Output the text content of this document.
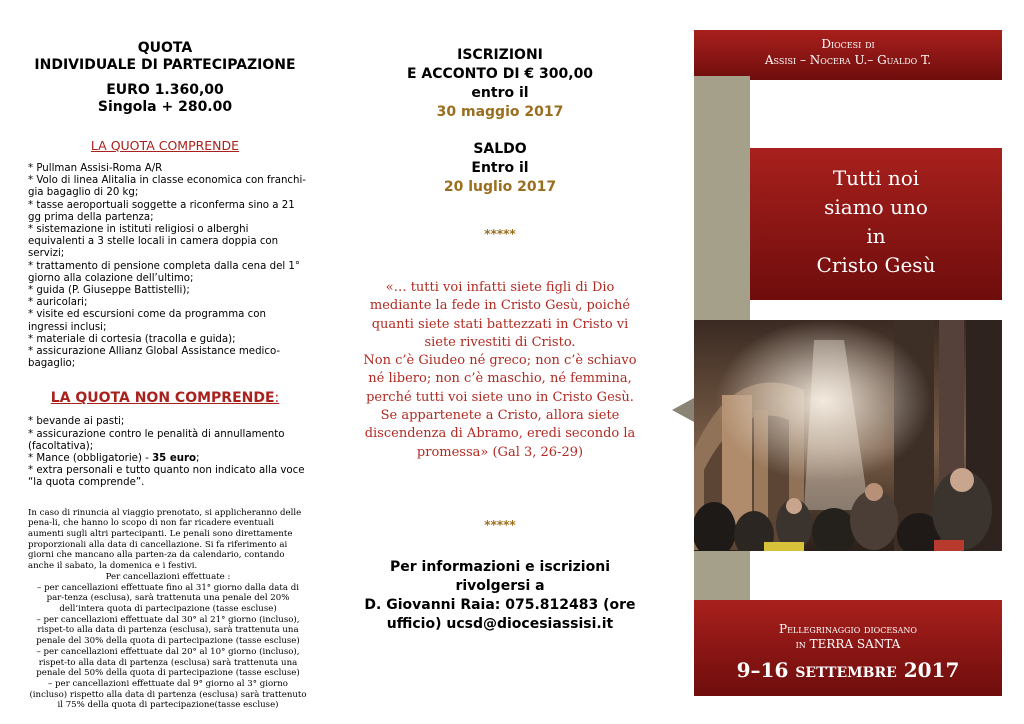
QUOTA
INDIVIDUALE DI PARTECIPAZIONE
EURO 1.360,00
Singola + 280.00
LA QUOTA COMPRENDE
* Pullman Assisi-Roma A/R
* Volo di linea Alitalia in classe economica con franchi-gia bagaglio di 20 kg;
* tasse aeroportuali soggette a riconferma sino a 21 gg prima della partenza;
* sistemazione in istituti religiosi o alberghi equivalenti a 3 stelle locali in camera doppia con servizi;
* trattamento di pensione completa dalla cena del 1° giorno alla colazione dell’ultimo;
* guida (P. Giuseppe Battistelli);
* auricolari;
* visite ed escursioni come da programma con ingressi inclusi;
* materiale di cortesia (tracolla e guida);
* assicurazione Allianz Global Assistance medico-bagaglio;
LA QUOTA NON COMPRENDE:
* bevande ai pasti;
* assicurazione contro le penalità di annullamento (facoltativa);
* Mance (obbligatorie) - 35 euro;
* extra personali e tutto quanto non indicato alla voce “la quota comprende”.

In caso di rinuncia al viaggio prenotato, si applicheranno delle pena-li, che hanno lo scopo di non far ricadere eventuali aumenti sugli altri partecipanti. Le penali sono direttamente proporzionali alla data di cancellazione. Si fa riferimento ai giorni che mancano alla parten-za da calendario, contando anche il sabato, la domenica e i festivi.

Per cancellazioni effettuate :

– per cancellazioni effettuate fino al 31° giorno dalla data di par-tenza (esclusa), sarà trattenuta una penale del 20% dell’intera quota di partecipazione (tasse escluse)

– per cancellazioni effettuate dal 30° al 21° giorno (incluso), rispet-to alla data di partenza (esclusa), sarà trattenuta una penale del 30% della quota di partecipazione (tasse escluse)

– per cancellazioni effettuate dal 20° al 10° giorno (incluso), rispet-to alla data di partenza (esclusa) sarà trattenuta una penale del 50% della quota di partecipazione (tasse escluse)

– per cancellazioni effettuate dal 9° giorno al 3° giorno (incluso) rispetto alla data di partenza (esclusa) sarà trattenuto il 75% della quota di partecipazione(tasse escluse)

ISCRIZIONI
E ACCONTO DI € 300,00
entro il
30 maggio 2017
SALDO
Entro il
20 luglio 2017
*****

«… tutti voi infatti siete figli di Dio mediante la fede in Cristo Gesù, poiché quanti siete stati battezzati in Cristo vi siete rivestiti di Cristo.

Non c’è Giudeo né greco; non c’è schiavo né libero; non c’è maschio, né femmina, perché tutti voi siete uno in Cristo Gesù.

Se appartenete a Cristo, allora siete discendenza di Abramo, eredi secondo la promessa» (Gal 3, 26-29)

*****
Per informazioni e iscrizioni
rivolgersi a
D. Giovanni Raia: 075.812483 (ore
ufficio) ucsd@diocesiassisi.it
Diocesi di
Assisi – Nocera U.– Gualdo T.
Tutti noi
siamo uno
in
Cristo Gesù
Pellegrinaggio diocesano
in TERRA SANTA
9–16 settembre 2017
